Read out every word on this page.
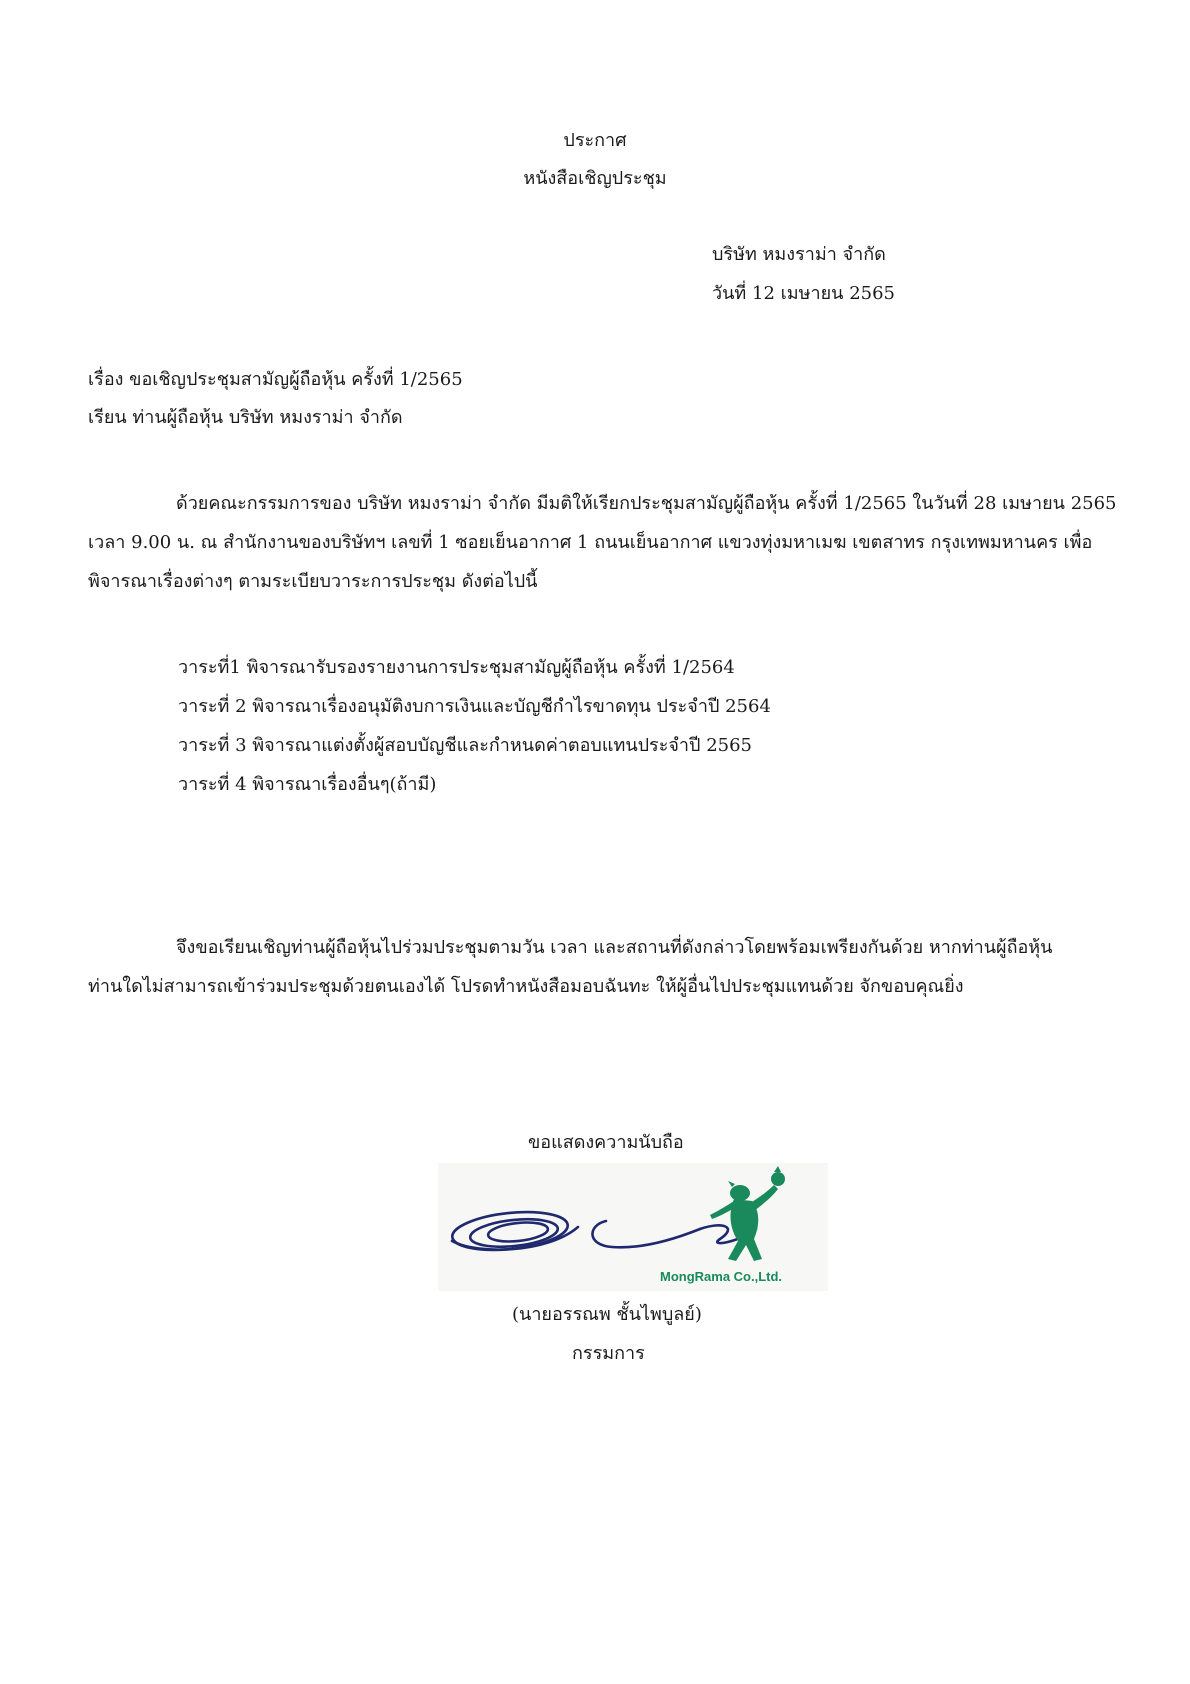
ประกาศ
หนังสือเชิญประชุม
บริษัท หมงราม่า จำกัด
วันที่ 12 เมษายน 2565
เรื่อง ขอเชิญประชุมสามัญผู้ถือหุ้น ครั้งที่ 1/2565
เรียน ท่านผู้ถือหุ้น บริษัท หมงราม่า จำกัด
ด้วยคณะกรรมการของ บริษัท หมงราม่า จำกัด มีมติให้เรียกประชุมสามัญผู้ถือหุ้น ครั้งที่ 1/2565 ในวันที่ 28 เมษายน 2565
เวลา 9.00 น. ณ สำนักงานของบริษัทฯ เลขที่ 1 ซอยเย็นอากาศ 1 ถนนเย็นอากาศ แขวงทุ่งมหาเมฆ เขตสาทร กรุงเทพมหานคร เพื่อ
พิจารณาเรื่องต่างๆ ตามระเบียบวาระการประชุม ดังต่อไปนี้
วาระที่1 พิจารณารับรองรายงานการประชุมสามัญผู้ถือหุ้น ครั้งที่ 1/2564
วาระที่ 2 พิจารณาเรื่องอนุมัติงบการเงินและบัญชีกำไรขาดทุน ประจำปี 2564
วาระที่ 3 พิจารณาแต่งตั้งผู้สอบบัญชีและกำหนดค่าตอบแทนประจำปี 2565
วาระที่ 4 พิจารณาเรื่องอื่นๆ(ถ้ามี)
จึงขอเรียนเชิญท่านผู้ถือหุ้นไปร่วมประชุมตามวัน เวลา และสถานที่ดังกล่าวโดยพร้อมเพรียงกันด้วย หากท่านผู้ถือหุ้น
ท่านใดไม่สามารถเข้าร่วมประชุมด้วยตนเองได้ โปรดทำหนังสือมอบฉันทะ ให้ผู้อื่นไปประชุมแทนด้วย จักขอบคุณยิ่ง
ขอแสดงความนับถือ
MongRama Co.,Ltd.
(นายอรรณพ ชั้นไพบูลย์)
กรรมการ
